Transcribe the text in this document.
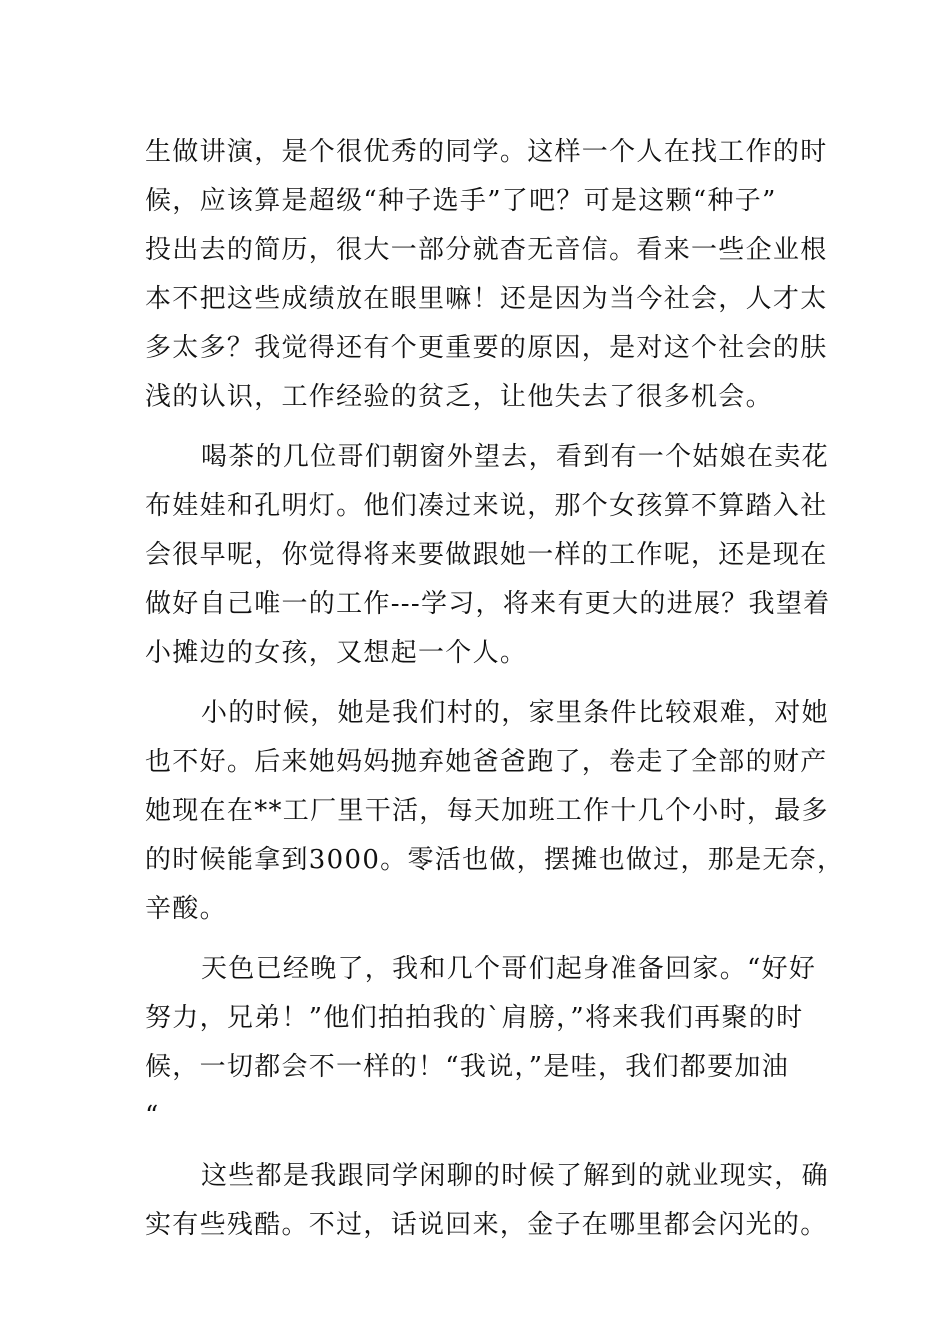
生做讲演，是个很优秀的同学。这样一个人在找工作的时
候，应该算是超级“种子选手”了吧？可是这颗“种子”
投出去的简历，很大一部分就杳无音信。看来一些企业根
本不把这些成绩放在眼里嘛！还是因为当今社会，人才太
多太多？我觉得还有个更重要的原因，是对这个社会的肤
浅的认识，工作经验的贫乏，让他失去了很多机会。
喝茶的几位哥们朝窗外望去，看到有一个姑娘在卖花
布娃娃和孔明灯。他们凑过来说，那个女孩算不算踏入社
会很早呢，你觉得将来要做跟她一样的工作呢，还是现在
做好自己唯一的工作---学习，将来有更大的进展？我望着
小摊边的女孩，又想起一个人。
小的时候，她是我们村的，家里条件比较艰难，对她
也不好。后来她妈妈抛弃她爸爸跑了，卷走了全部的财产
她现在在**工厂里干活，每天加班工作十几个小时，最多
的时候能拿到3000。零活也做，摆摊也做过，那是无奈，
辛酸。
天色已经晚了，我和几个哥们起身准备回家。“好好
努力，兄弟！”他们拍拍我的`肩膀，”将来我们再聚的时
候，一切都会不一样的！“我说，”是哇，我们都要加油
“
这些都是我跟同学闲聊的时候了解到的就业现实，确
实有些残酷。不过，话说回来，金子在哪里都会闪光的。
